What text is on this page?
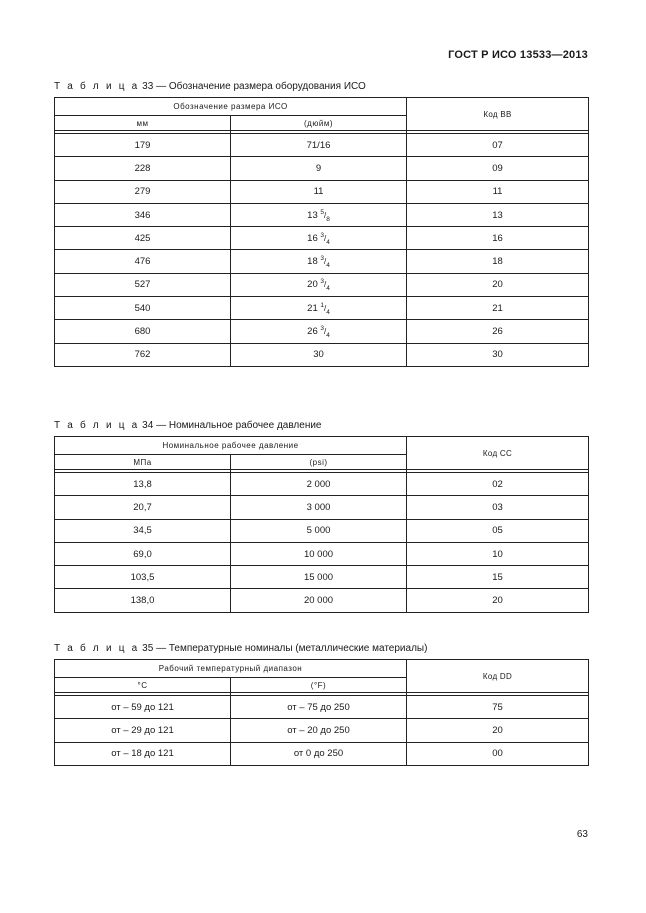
ГОСТ Р ИСО 13533—2013
Т а б л и ц а 33 — Обозначение размера оборудования ИСО
Обозначение размера ИСО		Код ВВ
мм	(дюйм)	

179	71/16	07
228	9	09
279	11	11
346	13 $^5/_8$	13
425	16 $^3/_4$	16
476	18 $^3/_4$	18
527	20 $^3/_4$	20
540	21 $^1/_4$	21
680	26 $^3/_4$	26
762	30	30
Т а б л и ц а 34 — Номинальное рабочее давление
Номинальное рабочее давление		Код СС
МПа	(psi)	

13,8	2 000	02
20,7	3 000	03
34,5	5 000	05
69,0	10 000	10
103,5	15 000	15
138,0	20 000	20
Т а б л и ц а 35 — Температурные номиналы (металлические материалы)
Рабочий температурный диапазон		Код DD
°С	(°F)	

от – 59 до 121	от – 75 до 250	75
от – 29 до 121	от – 20 до 250	20
от – 18 до 121	от 0 до 250	00
63
